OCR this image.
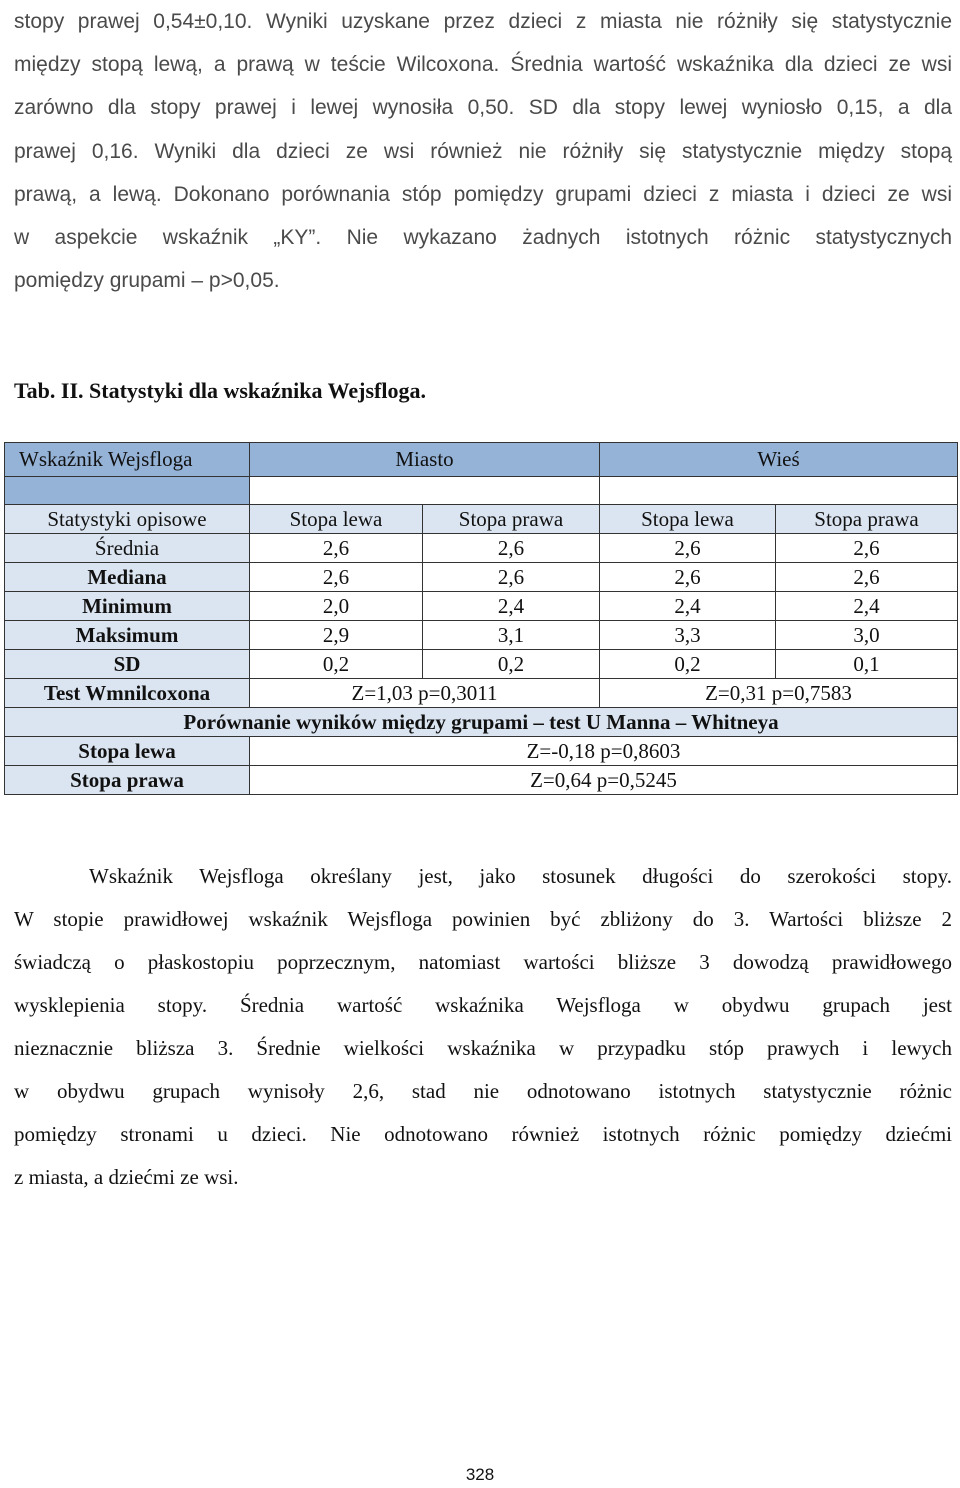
stopy prawej 0,54±0,10. Wyniki uzyskane przez dzieci z miasta nie różniły się statystycznie
między stopą lewą, a prawą w teście Wilcoxona. Średnia wartość wskaźnika dla dzieci ze wsi
zarówno dla stopy prawej i lewej wynosiła 0,50. SD dla stopy lewej wyniosło 0,15, a dla
prawej 0,16. Wyniki dla dzieci ze wsi również nie różniły się statystycznie między stopą
prawą, a lewą. Dokonano porównania stóp pomiędzy grupami dzieci z miasta i dzieci ze wsi
w aspekcie wskaźnik „KY”. Nie wykazano żadnych istotnych różnic statystycznych
pomiędzy grupami – p>0,05.
Tab. II. Statystyki dla wskaźnika Wejsfloga.
Wskaźnik Wejsfloga	Miasto		Wieś	

Statystyki opisowe	Stopa lewa	Stopa prawa	Stopa lewa	Stopa prawa
Średnia	2,6	2,6	2,6	2,6
Mediana	2,6	2,6	2,6	2,6
Minimum	2,0	2,4	2,4	2,4
Maksimum	2,9	3,1	3,3	3,0
SD	0,2	0,2	0,2	0,1
Test Wmnilcoxona	Z=1,03 p=0,3011		Z=0,31 p=0,7583	
Porównanie wyników między grupami – test U Manna – Whitneya				
Stopa lewa	Z=-0,18 p=0,8603			
Stopa prawa	Z=0,64 p=0,5245			
Wskaźnik Wejsfloga określany jest, jako stosunek długości do szerokości stopy.
W stopie prawidłowej wskaźnik Wejsfloga powinien być zbliżony do 3. Wartości bliższe 2
świadczą o płaskostopiu poprzecznym, natomiast wartości bliższe 3 dowodzą prawidłowego
wysklepienia stopy. Średnia wartość wskaźnika Wejsfloga w obydwu grupach jest
nieznacznie bliższa 3. Średnie wielkości wskaźnika w przypadku stóp prawych i lewych
w obydwu grupach wynisoły 2,6, stad nie odnotowano istotnych statystycznie różnic
pomiędzy stronami u dzieci. Nie odnotowano również istotnych różnic pomiędzy dziećmi
z miasta, a dziećmi ze wsi.
328
